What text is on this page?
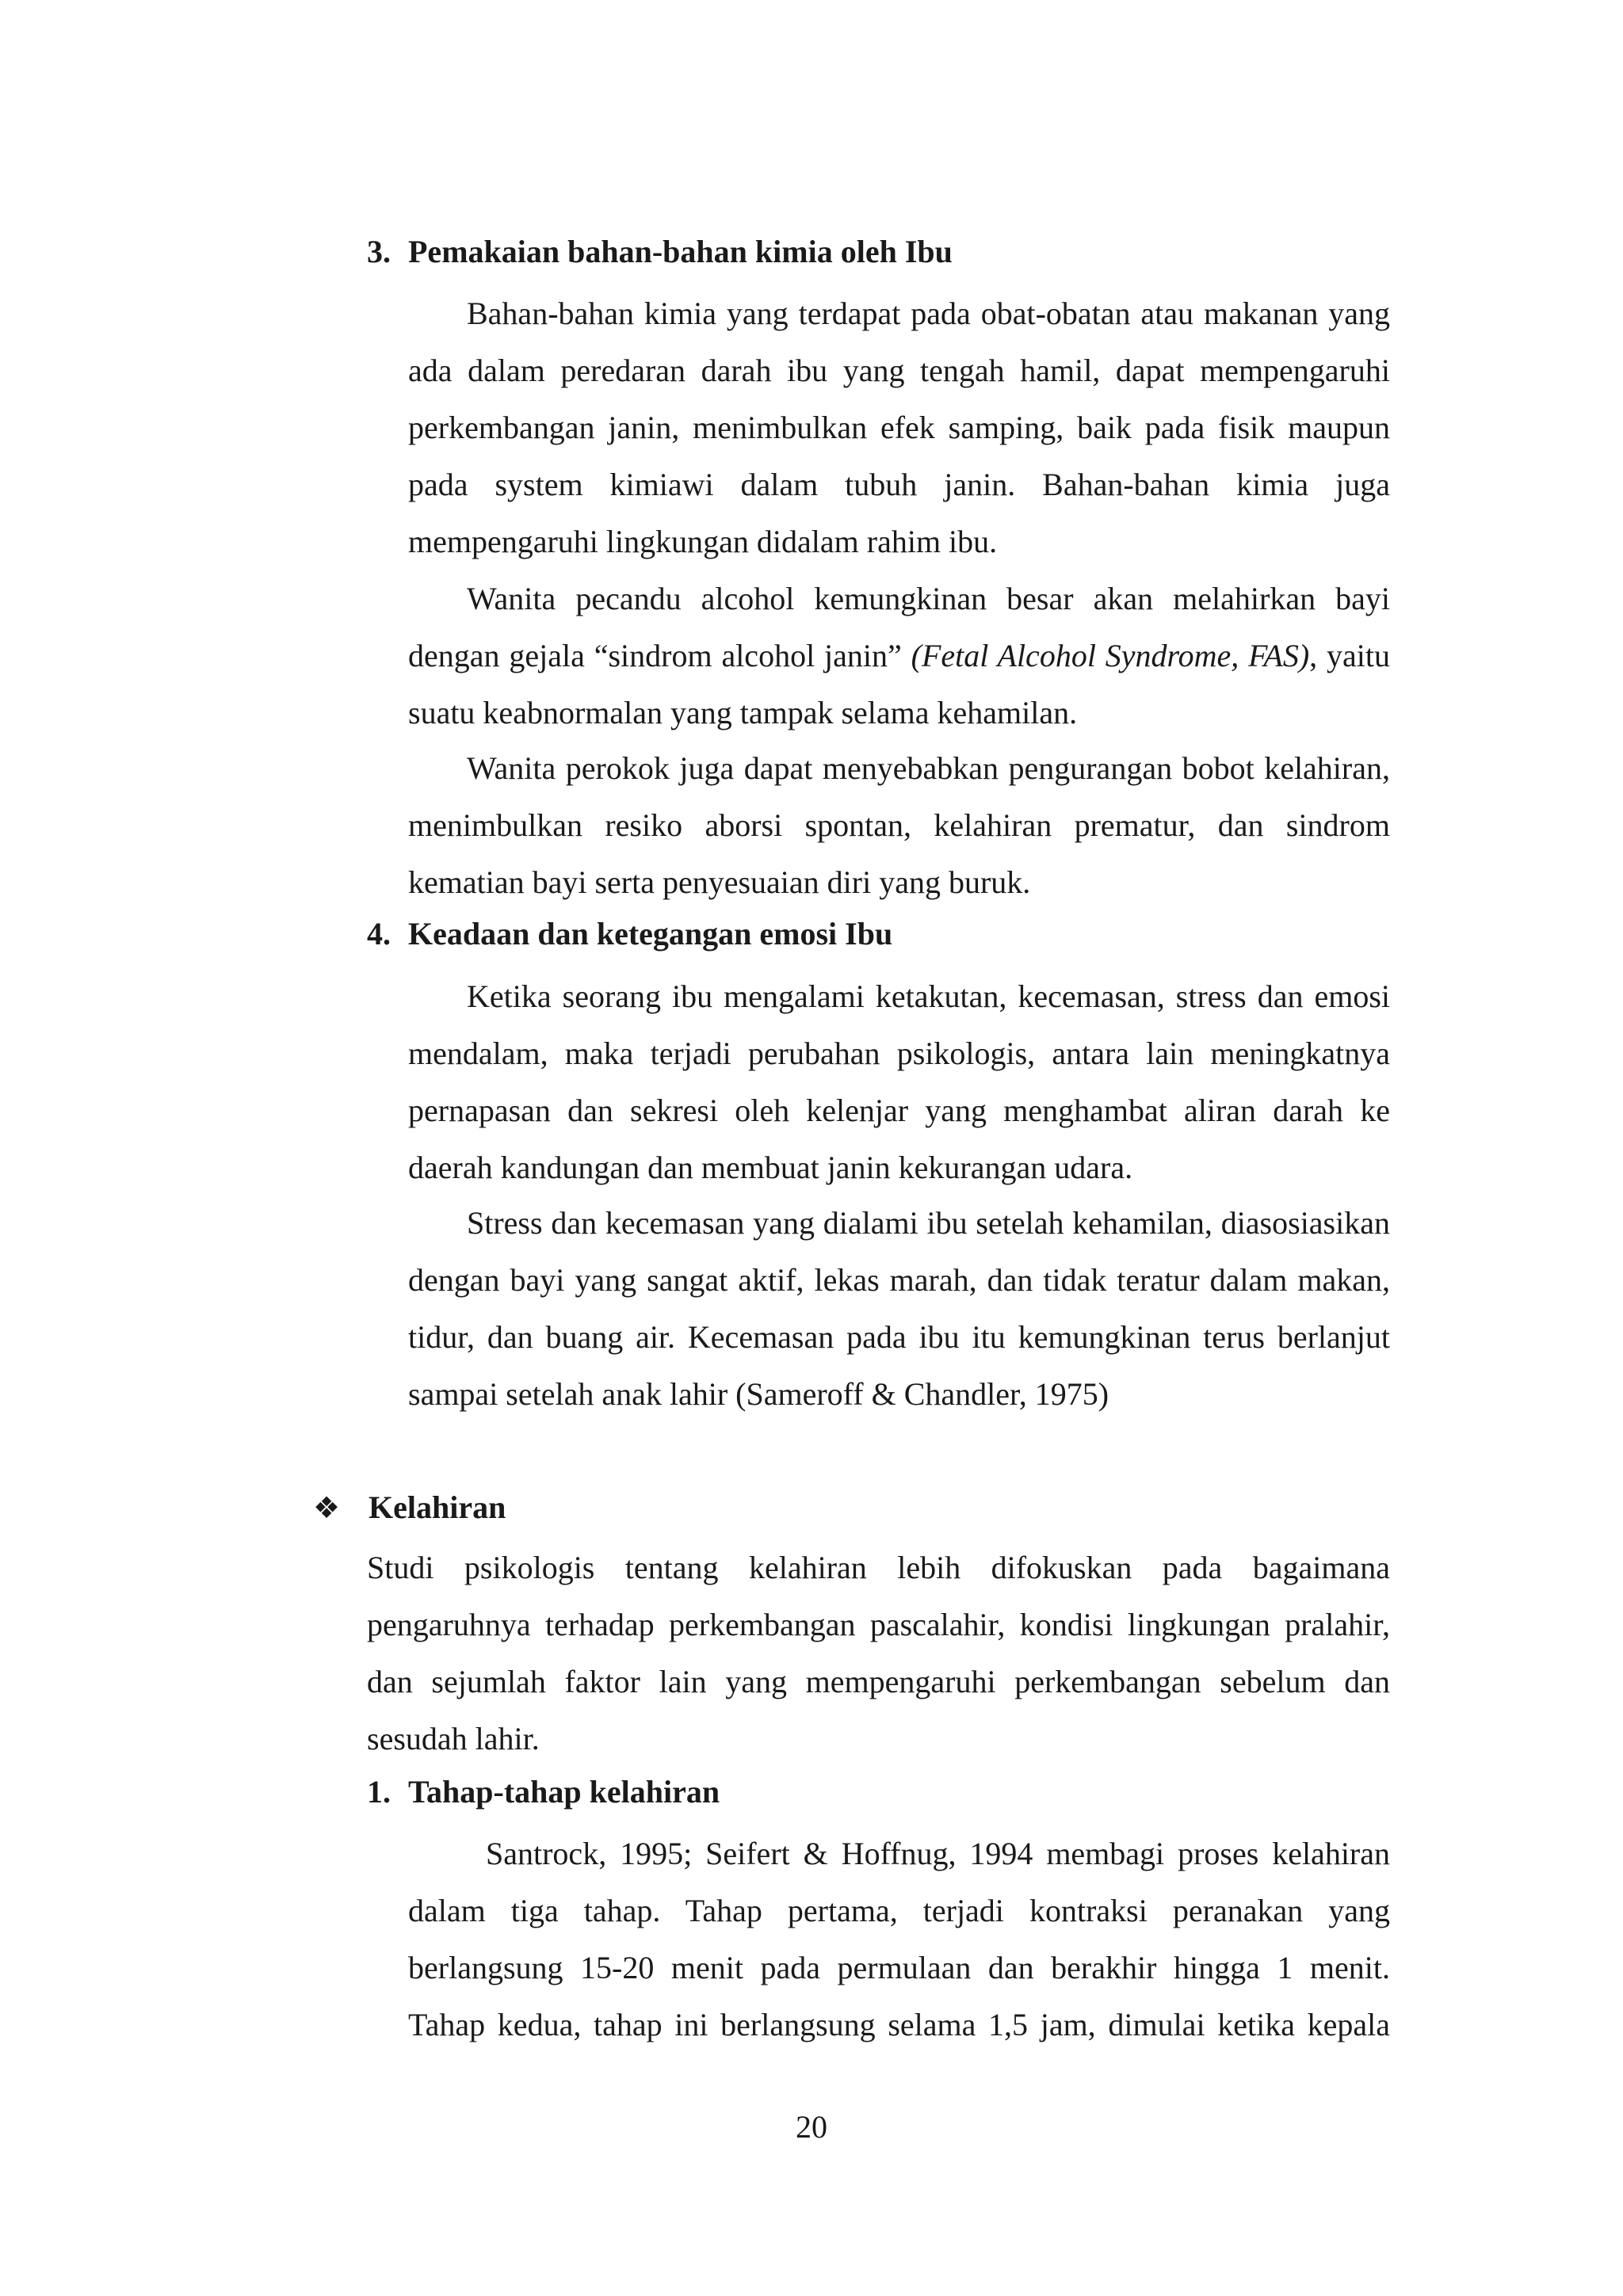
3. Pemakaian bahan-bahan kimia oleh Ibu

Bahan-bahan kimia yang terdapat pada obat-obatan atau makanan yang ada dalam peredaran darah ibu yang tengah hamil, dapat mempengaruhi perkembangan janin, menimbulkan efek samping, baik pada fisik maupun pada system kimiawi dalam tubuh janin. Bahan-bahan kimia juga mempengaruhi lingkungan didalam rahim ibu.

Wanita pecandu alcohol kemungkinan besar akan melahirkan bayi dengan gejala “sindrom alcohol janin” (Fetal Alcohol Syndrome, FAS), yaitu suatu keabnormalan yang tampak selama kehamilan.

Wanita perokok juga dapat menyebabkan pengurangan bobot kelahiran, menimbulkan resiko aborsi spontan, kelahiran prematur, dan sindrom kematian bayi serta penyesuaian diri yang buruk.

4. Keadaan dan ketegangan emosi Ibu

Ketika seorang ibu mengalami ketakutan, kecemasan, stress dan emosi mendalam, maka terjadi perubahan psikologis, antara lain meningkatnya pernapasan dan sekresi oleh kelenjar yang menghambat aliran darah ke daerah kandungan dan membuat janin kekurangan udara.

Stress dan kecemasan yang dialami ibu setelah kehamilan, diasosiasikan dengan bayi yang sangat aktif, lekas marah, dan tidak teratur dalam makan, tidur, dan buang air. Kecemasan pada ibu itu kemungkinan terus berlanjut sampai setelah anak lahir (Sameroff & Chandler, 1975)

❖ Kelahiran

Studi psikologis tentang kelahiran lebih difokuskan pada bagaimana pengaruhnya terhadap perkembangan pascalahir, kondisi lingkungan pralahir, dan sejumlah faktor lain yang mempengaruhi perkembangan sebelum dan sesudah lahir.

1. Tahap-tahap kelahiran

Santrock, 1995; Seifert & Hoffnug, 1994 membagi proses kelahiran dalam tiga tahap. Tahap pertama, terjadi kontraksi peranakan yang berlangsung 15-20 menit pada permulaan dan berakhir hingga 1 menit. Tahap kedua, tahap ini berlangsung selama 1,5 jam, dimulai ketika kepala

20
